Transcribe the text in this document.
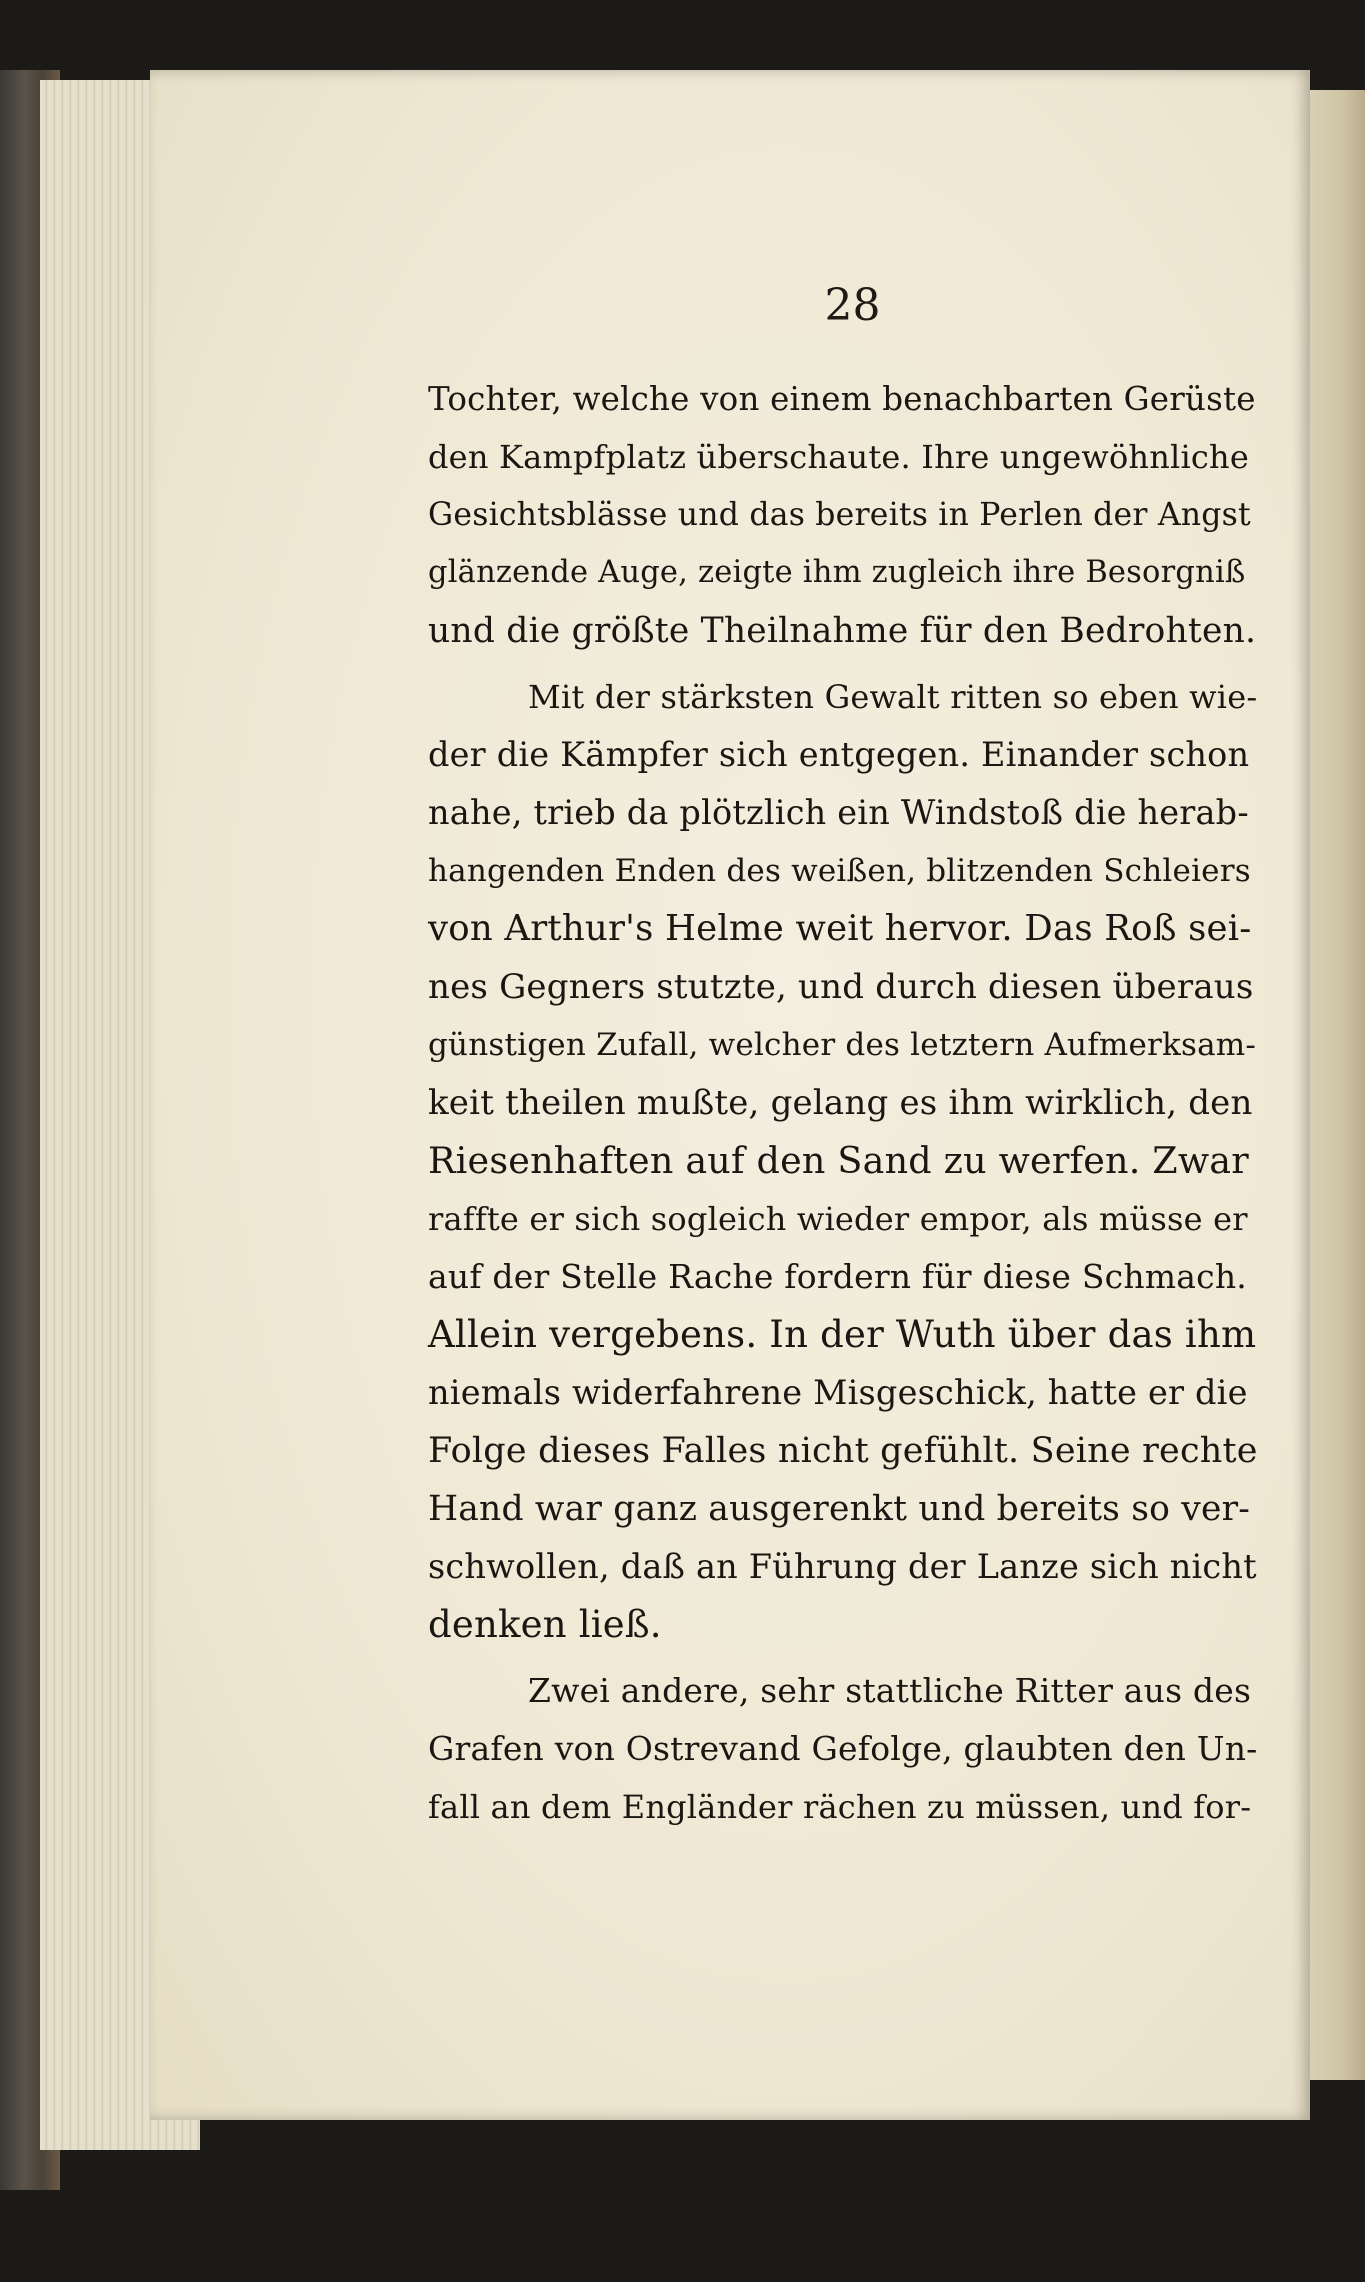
28
Tochter, welche von einem benachbarten Gerüste
den Kampfplatz überschaute. Ihre ungewöhnliche
Gesichtsblässe und das bereits in Perlen der Angst
glänzende Auge, zeigte ihm zugleich ihre Besorgniß
und die größte Theilnahme für den Bedrohten.
Mit der stärksten Gewalt ritten so eben wie-
der die Kämpfer sich entgegen. Einander schon
nahe, trieb da plötzlich ein Windstoß die herab-
hangenden Enden des weißen, blitzenden Schleiers
von Arthur's Helme weit hervor. Das Roß sei-
nes Gegners stutzte, und durch diesen überaus
günstigen Zufall, welcher des letztern Aufmerksam-
keit theilen mußte, gelang es ihm wirklich, den
Riesenhaften auf den Sand zu werfen. Zwar
raffte er sich sogleich wieder empor, als müsse er
auf der Stelle Rache fordern für diese Schmach.
Allein vergebens. In der Wuth über das ihm
niemals widerfahrene Misgeschick, hatte er die
Folge dieses Falles nicht gefühlt. Seine rechte
Hand war ganz ausgerenkt und bereits so ver-
schwollen, daß an Führung der Lanze sich nicht
denken ließ.
Zwei andere, sehr stattliche Ritter aus des
Grafen von Ostrevand Gefolge, glaubten den Un-
fall an dem Engländer rächen zu müssen, und for-
